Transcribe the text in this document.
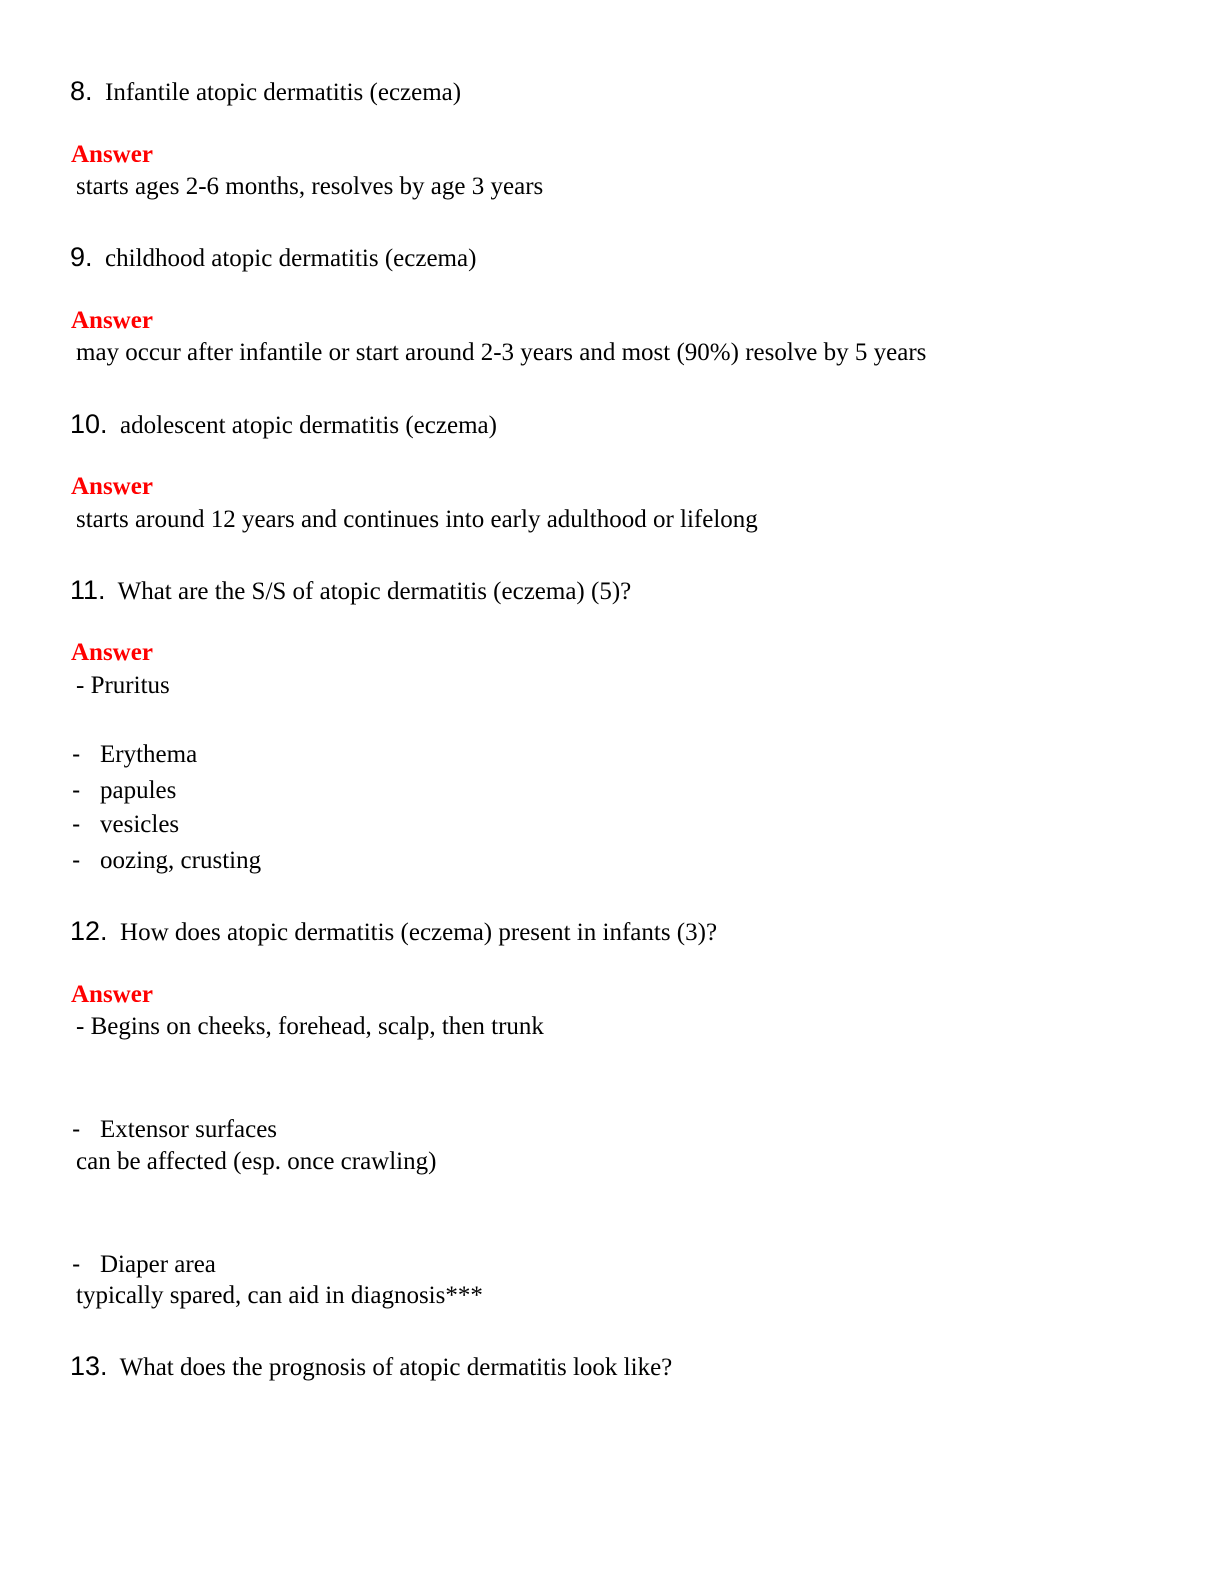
8. Infantile atopic dermatitis (eczema)
Answer
starts ages 2-6 months, resolves by age 3 years
9. childhood atopic dermatitis (eczema)
Answer
may occur after infantile or start around 2-3 years and most (90%) resolve by 5 years
10. adolescent atopic dermatitis (eczema)
Answer
starts around 12 years and continues into early adulthood or lifelong
11. What are the S/S of atopic dermatitis (eczema) (5)?
Answer
- Pruritus
- Erythema
- papules
- vesicles
- oozing, crusting
12. How does atopic dermatitis (eczema) present in infants (3)?
Answer
- Begins on cheeks, forehead, scalp, then trunk
- Extensor surfaces
can be affected (esp. once crawling)
- Diaper area
typically spared, can aid in diagnosis***
13. What does the prognosis of atopic dermatitis look like?
